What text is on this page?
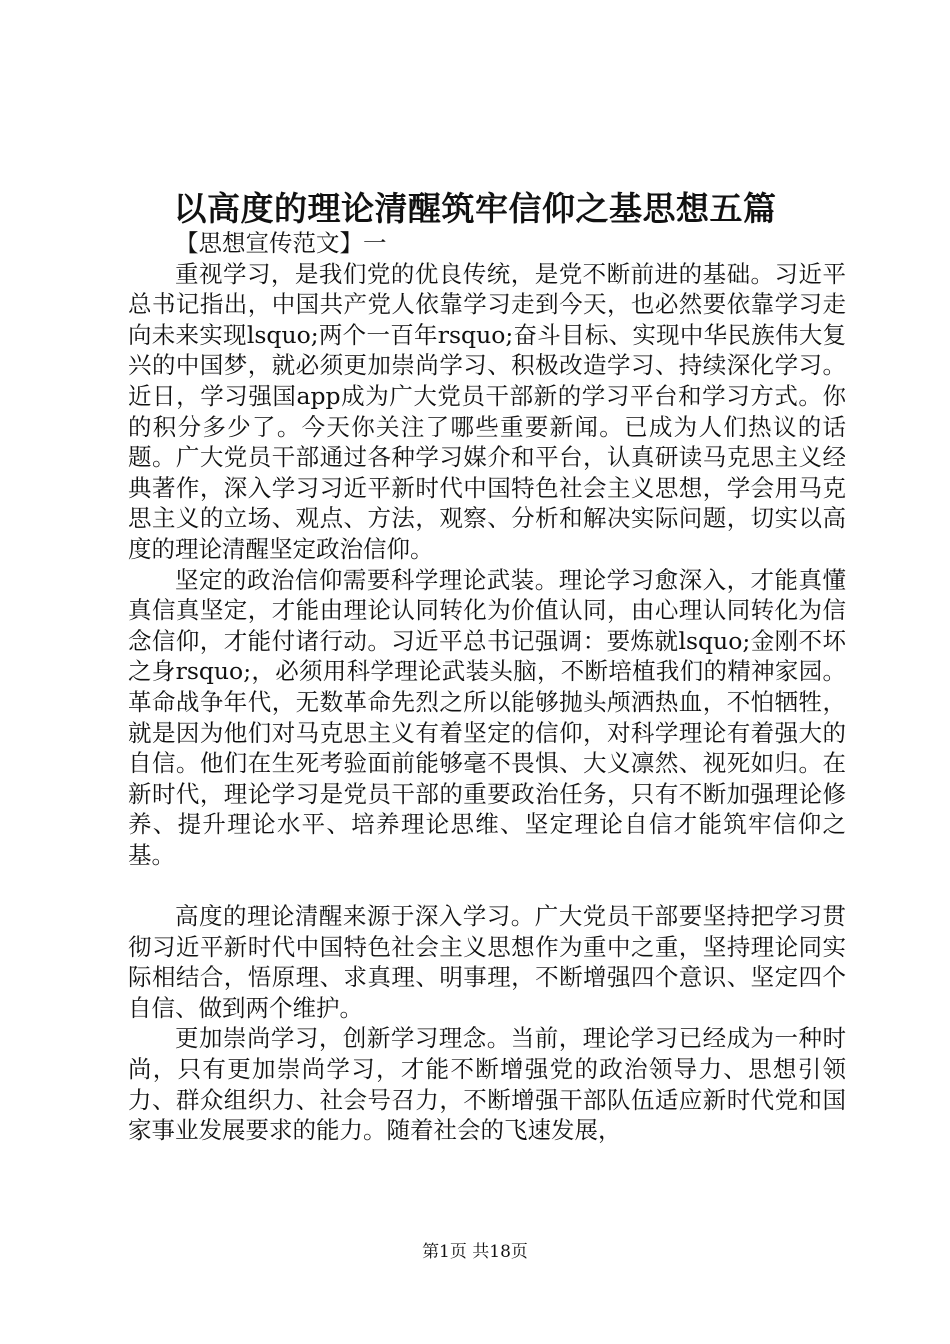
以高度的理论清醒筑牢信仰之基思想五篇

【思想宣传范文】一

重视学习，是我们党的优良传统，是党不断前进的基础。习近平总书记指出，中国共产党人依靠学习走到今天，也必然要依靠学习走向未来实现lsquo;两个一百年rsquo;奋斗目标、实现中华民族伟大复兴的中国梦，就必须更加崇尚学习、积极改造学习、持续深化学习。近日，学习强国app成为广大党员干部新的学习平台和学习方式。你的积分多少了。今天你关注了哪些重要新闻。已成为人们热议的话题。广大党员干部通过各种学习媒介和平台，认真研读马克思主义经典著作，深入学习习近平新时代中国特色社会主义思想，学会用马克思主义的立场、观点、方法，观察、分析和解决实际问题，切实以高度的理论清醒坚定政治信仰。

坚定的政治信仰需要科学理论武装。理论学习愈深入，才能真懂真信真坚定，才能由理论认同转化为价值认同，由心理认同转化为信念信仰，才能付诸行动。习近平总书记强调：要炼就lsquo;金刚不坏之身rsquo;，必须用科学理论武装头脑，不断培植我们的精神家园。革命战争年代，无数革命先烈之所以能够抛头颅洒热血，不怕牺牲，就是因为他们对马克思主义有着坚定的信仰，对科学理论有着强大的自信。他们在生死考验面前能够毫不畏惧、大义凛然、视死如归。在新时代，理论学习是党员干部的重要政治任务，只有不断加强理论修养、提升理论水平、培养理论思维、坚定理论自信才能筑牢信仰之基。

高度的理论清醒来源于深入学习。广大党员干部要坚持把学习贯彻习近平新时代中国特色社会主义思想作为重中之重，坚持理论同实际相结合，悟原理、求真理、明事理，不断增强四个意识、坚定四个自信、做到两个维护。

更加崇尚学习，创新学习理念。当前，理论学习已经成为一种时尚，只有更加崇尚学习，才能不断增强党的政治领导力、思想引领力、群众组织力、社会号召力，不断增强干部队伍适应新时代党和国家事业发展要求的能力。随着社会的飞速发展，

第1页 共18页
